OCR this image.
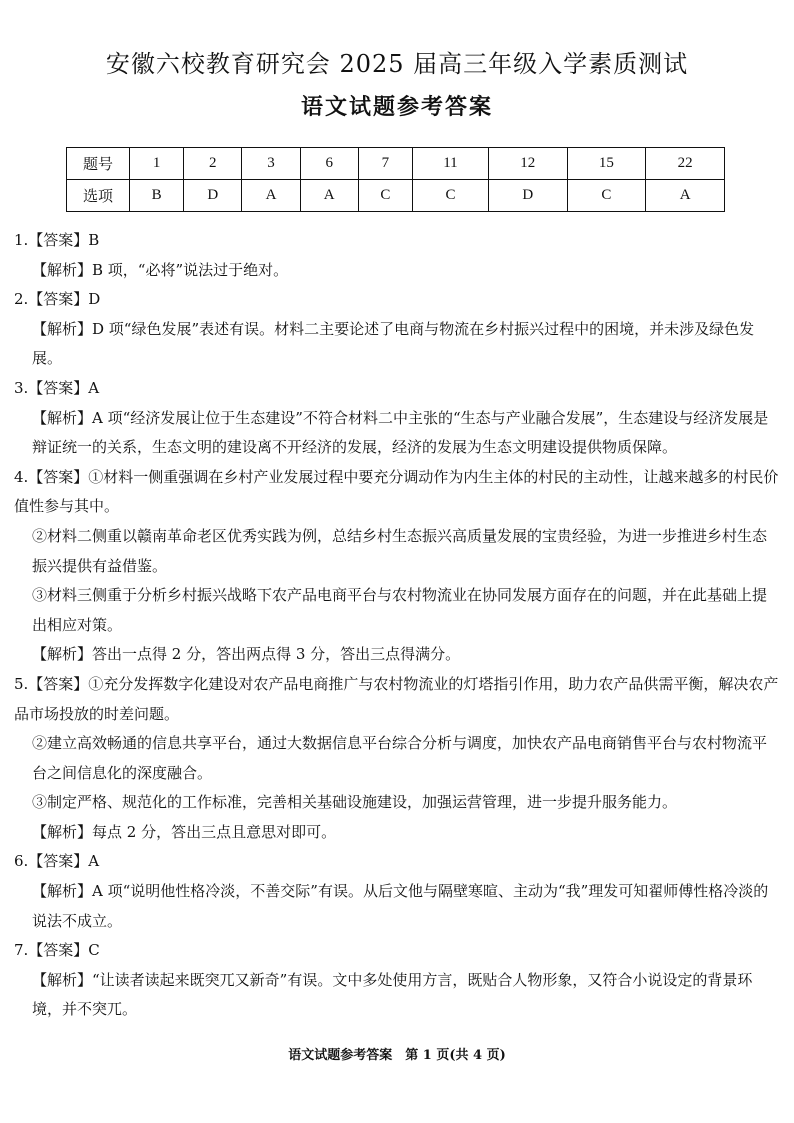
安徽六校教育研究会 2025 届高三年级入学素质测试
语文试题参考答案
题号	1	2	3	6	7	11	12	15	22
选项	B	D	A	A	C	C	D	C	A
1.【答案】B
【解析】B 项，“必将”说法过于绝对。
2.【答案】D
【解析】D 项“绿色发展”表述有误。材料二主要论述了电商与物流在乡村振兴过程中的困境，并未涉及绿色发展。
3.【答案】A
【解析】A 项“经济发展让位于生态建设”不符合材料二中主张的“生态与产业融合发展”，生态建设与经济发展是辩证统一的关系，生态文明的建设离不开经济的发展，经济的发展为生态文明建设提供物质保障。
4.【答案】①材料一侧重强调在乡村产业发展过程中要充分调动作为内生主体的村民的主动性，让越来越多的村民价值性参与其中。
②材料二侧重以赣南革命老区优秀实践为例，总结乡村生态振兴高质量发展的宝贵经验，为进一步推进乡村生态振兴提供有益借鉴。
③材料三侧重于分析乡村振兴战略下农产品电商平台与农村物流业在协同发展方面存在的问题，并在此基础上提出相应对策。
【解析】答出一点得 2 分，答出两点得 3 分，答出三点得满分。
5.【答案】①充分发挥数字化建设对农产品电商推广与农村物流业的灯塔指引作用，助力农产品供需平衡，解决农产品市场投放的时差问题。
②建立高效畅通的信息共享平台，通过大数据信息平台综合分析与调度，加快农产品电商销售平台与农村物流平台之间信息化的深度融合。
③制定严格、规范化的工作标准，完善相关基础设施建设，加强运营管理，进一步提升服务能力。
【解析】每点 2 分，答出三点且意思对即可。
6.【答案】A
【解析】A 项“说明他性格冷淡，不善交际”有误。从后文他与隔壁寒暄、主动为“我”理发可知翟师傅性格冷淡的说法不成立。
7.【答案】C
【解析】“让读者读起来既突兀又新奇”有误。文中多处使用方言，既贴合人物形象，又符合小说设定的背景环境，并不突兀。
语文试题参考答案　第 1 页(共 4 页)
